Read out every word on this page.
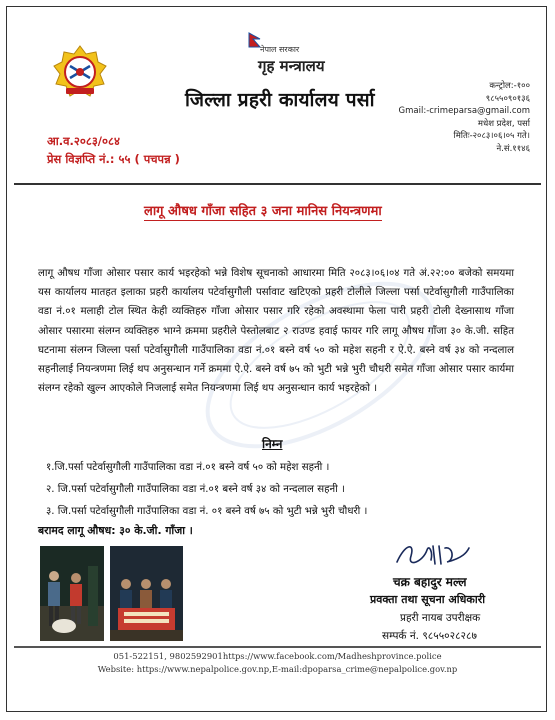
नेपाल सरकार
गृह मन्त्रालय
जिल्ला प्रहरी कार्यालय पर्सा
कन्ट्रोल:-१००
९८५५०९०१३६
Gmail:-crimeparsa@gmail.com
मधेश प्रदेश, पर्सा
मितिः-२०८३।०६।०५ गते।
ने.सं.११४६
आ.व.२०८३/०८४
प्रेस विज्ञप्ति नं.: ५५ ( पचपन्न )
लागू औषध गाँजा सहित ३ जना मानिस नियन्त्रणमा
लागू औषध गाँजा ओसार पसार कार्य भइरहेको भन्ने विशेष सूचनाको आधारमा मिति २०८३।०६।०४ गते अं.२२:०० बजेको समयमा यस कार्यालय मातहत इलाका प्रहरी कार्यालय पटेर्वासुगौली पर्सावाट खटिएको प्रहरी टोलीले जिल्ला पर्सा पटेर्वासुगौली गाउँपालिका वडा नं.०१ मलाही टोल स्थित केही व्यक्तिहरु गाँजा ओसार पसार गरि रहेको अवस्थामा फेला पारी प्रहरी टोली देख्नासाथ गाँजा ओसार पसारमा संलग्न व्यक्तिहरु भाग्ने क्रममा प्रहरीले पेस्तोलबाट २ राउण्ड हवाई फायर गरि लागू औषध गाँजा ३० के.जी. सहित घटनामा संलग्न जिल्ला पर्सा पटेर्वासुगौली गाउँपालिका वडा नं.०१ बस्ने वर्ष ५० को महेश सहनी र ऐ.ऐ. बस्ने वर्ष ३४ को नन्दलाल सहनीलाई नियन्त्रणमा लिई थप अनुसन्धान गर्ने क्रममा ऐ.ऐ. बस्ने वर्ष ७५ को भुटी भन्ने भुरी चौधरी समेत गाँजा ओसार पसार कार्यमा संलग्न रहेको खुल्न आएकोले निजलाई समेत नियन्त्रणमा लिई थप अनुसन्धान कार्य भइरहेको ।
निम्न
१.जि.पर्सा पटेर्वासुगौली गाउँपालिका वडा नं.०१ बस्ने वर्ष ५० को महेश सहनी ।
२. जि.पर्सा पटेर्वासुगौली गाउँपालिका वडा नं.०१ बस्ने वर्ष ३४ को नन्दलाल सहनी ।
३. जि.पर्सा पटेर्वासुगौली गाउँपालिका वडा नं. ०१ बस्ने वर्ष ७५ को भुटी भन्ने भुरी चौधरी ।
बरामद लागू औषध: ३० के.जी. गाँजा ।
चक्र बहादुर मल्ल
प्रवक्ता तथा सूचना अधिकारी
प्रहरी नायब उपरीक्षक
सम्पर्क नं. ९८५५०२८२८७
051-522151, 9802592901https://www.facebook.com/Madheshprovince.police
Website: https://www.nepalpolice.gov.np,E-mail:dpoparsa_crime@nepalpolice.gov.np
